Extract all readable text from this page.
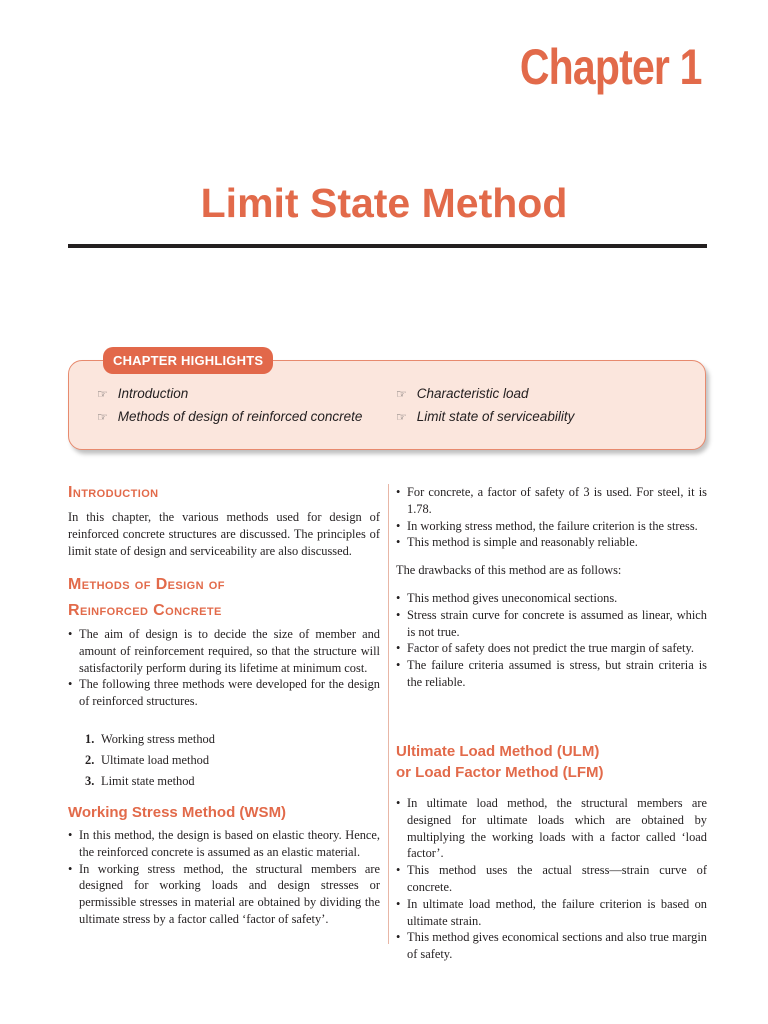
Chapter 1
Limit State Method
CHAPTER HIGHLIGHTS
☞ Introduction
☞ Methods of design of reinforced concrete
☞ Characteristic load
☞ Limit state of serviceability
Introduction
In this chapter, the various methods used for design of reinforced concrete structures are discussed. The principles of limit state of design and serviceability are also discussed.
Methods of Design of
Reinforced Concrete
• The aim of design is to decide the size of member and amount of reinforcement required, so that the structure will satisfactorily perform during its lifetime at minimum cost.
• The following three methods were developed for the design of reinforced structures.
1. Working stress method
2. Ultimate load method
3. Limit state method
Working Stress Method (WSM)
• In this method, the design is based on elastic theory. Hence, the reinforced concrete is assumed as an elastic material.
• In working stress method, the structural members are designed for working loads and design stresses or permissible stresses in material are obtained by dividing the ultimate stress by a factor called ‘factor of safety’.
• For concrete, a factor of safety of 3 is used. For steel, it is 1.78.
• In working stress method, the failure criterion is the stress.
• This method is simple and reasonably reliable.
The drawbacks of this method are as follows:
• This method gives uneconomical sections.
• Stress strain curve for concrete is assumed as linear, which is not true.
• Factor of safety does not predict the true margin of safety.
• The failure criteria assumed is stress, but strain criteria is the reliable.
Ultimate Load Method (ULM)
or Load Factor Method (LFM)
• In ultimate load method, the structural members are designed for ultimate loads which are obtained by multiplying the working loads with a factor called ‘load factor’.
• This method uses the actual stress—strain curve of concrete.
• In ultimate load method, the failure criterion is based on ultimate strain.
• This method gives economical sections and also true margin of safety.
